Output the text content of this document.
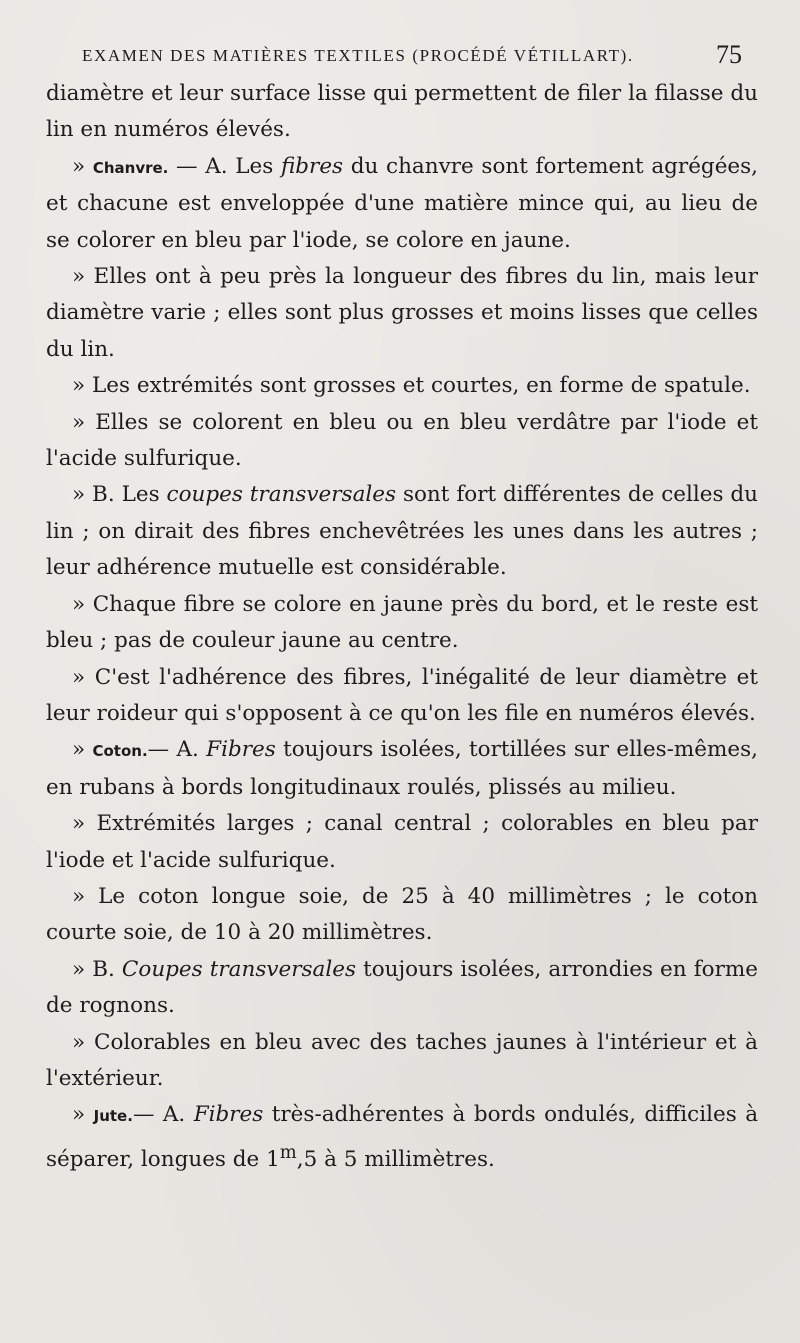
EXAMEN DES MATIÈRES TEXTILES (PROCÉDÉ VÉTILLART).	75

diamètre et leur surface lisse qui permettent de filer la filasse du lin en numéros élevés.

» Chanvre. — A. Les fibres du chanvre sont fortement agrégées, et chacune est enveloppée d'une matière mince qui, au lieu de se colorer en bleu par l'iode, se colore en jaune.

» Elles ont à peu près la longueur des fibres du lin, mais leur diamètre varie ; elles sont plus grosses et moins lisses que celles du lin.

» Les extrémités sont grosses et courtes, en forme de spatule.

» Elles se colorent en bleu ou en bleu verdâtre par l'iode et l'acide sulfurique.

» B. Les coupes transversales sont fort différentes de celles du lin ; on dirait des fibres enchevêtrées les unes dans les autres ; leur adhérence mutuelle est considérable.

» Chaque fibre se colore en jaune près du bord, et le reste est bleu ; pas de couleur jaune au centre.

» C'est l'adhérence des fibres, l'inégalité de leur diamètre et leur roideur qui s'opposent à ce qu'on les file en numéros élevés.

» Coton.— A. Fibres toujours isolées, tortillées sur elles-mêmes, en rubans à bords longitudinaux roulés, plissés au milieu.

» Extrémités larges ; canal central ; colorables en bleu par l'iode et l'acide sulfurique.

» Le coton longue soie, de 25 à 40 millimètres ; le coton courte soie, de 10 à 20 millimètres.

» B. Coupes transversales toujours isolées, arrondies en forme de rognons.

» Colorables en bleu avec des taches jaunes à l'intérieur et à l'extérieur.

» Jute.— A. Fibres très-adhérentes à bords ondulés, difficiles à séparer, longues de 1$^m$,5 à 5 millimètres.
